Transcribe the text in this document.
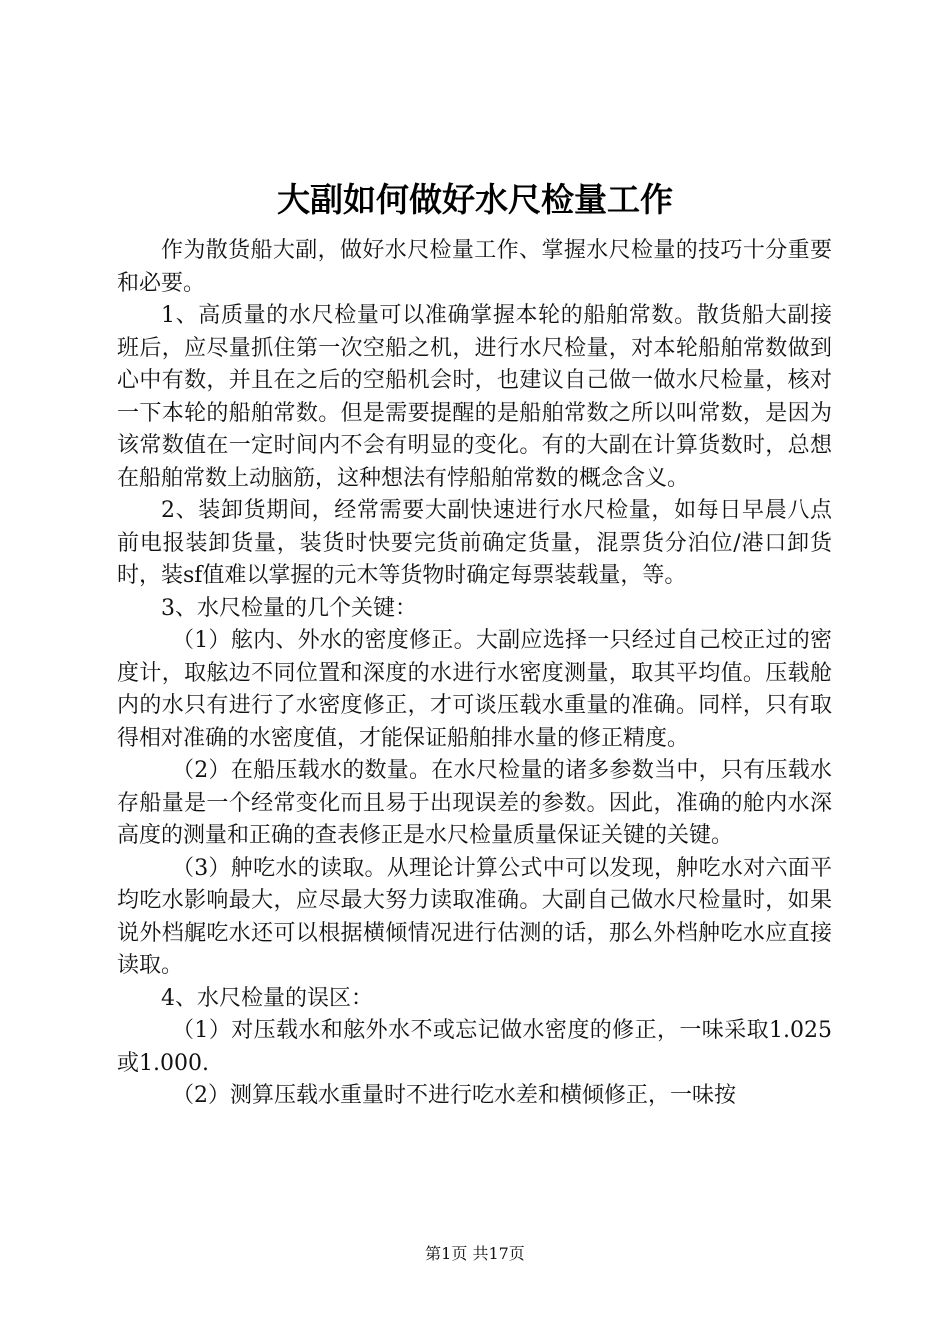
大副如何做好水尺检量工作

作为散货船大副，做好水尺检量工作、掌握水尺检量的技巧十分重要和必要。

1、高质量的水尺检量可以准确掌握本轮的船舶常数。散货船大副接班后，应尽量抓住第一次空船之机，进行水尺检量，对本轮船舶常数做到心中有数，并且在之后的空船机会时，也建议自己做一做水尺检量，核对一下本轮的船舶常数。但是需要提醒的是船舶常数之所以叫常数，是因为该常数值在一定时间内不会有明显的变化。有的大副在计算货数时，总想在船舶常数上动脑筋，这种想法有悖船舶常数的概念含义。

2、装卸货期间，经常需要大副快速进行水尺检量，如每日早晨八点前电报装卸货量，装货时快要完货前确定货量，混票货分泊位/港口卸货时，装sf值难以掌握的元木等货物时确定每票装载量，等。

3、水尺检量的几个关键：

（1）舷内、外水的密度修正。大副应选择一只经过自己校正过的密度计，取舷边不同位置和深度的水进行水密度测量，取其平均值。压载舱内的水只有进行了水密度修正，才可谈压载水重量的准确。同样，只有取得相对准确的水密度值，才能保证船舶排水量的修正精度。

（2）在船压载水的数量。在水尺检量的诸多参数当中，只有压载水存船量是一个经常变化而且易于出现误差的参数。因此，准确的舱内水深高度的测量和正确的查表修正是水尺检量质量保证关键的关键。

（3）舯吃水的读取。从理论计算公式中可以发现，舯吃水对六面平均吃水影响最大，应尽最大努力读取准确。大副自己做水尺检量时，如果说外档艉吃水还可以根据横倾情况进行估测的话，那么外档舯吃水应直接读取。

4、水尺检量的误区：

（1）对压载水和舷外水不或忘记做水密度的修正，一味采取1.025或1.000.

（2）测算压载水重量时不进行吃水差和横倾修正，一味按

第1页 共17页
